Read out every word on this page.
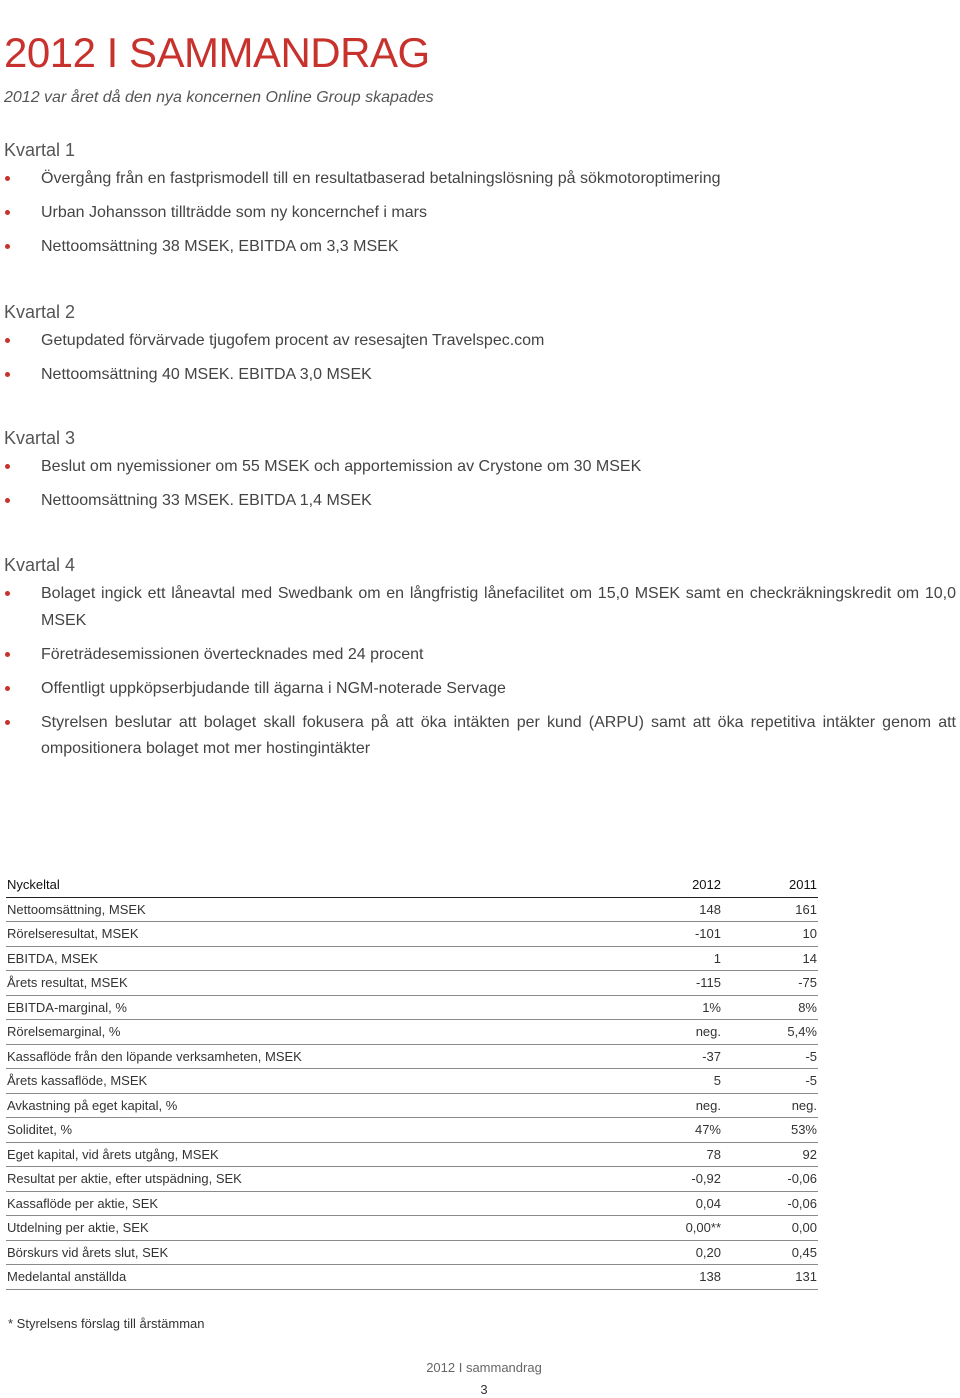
2012 I SAMMANDRAG
2012 var året då den nya koncernen Online Group skapades
Kvartal 1
Övergång från en fastprismodell till en resultatbaserad betalningslösning på sökmotoroptimering
Urban Johansson tillträdde som ny koncernchef i mars
Nettoomsättning 38 MSEK, EBITDA om 3,3 MSEK
Kvartal 2
Getupdated förvärvade tjugofem procent av resesajten Travelspec.com
Nettoomsättning 40 MSEK. EBITDA 3,0 MSEK
Kvartal 3
Beslut om nyemissioner om 55 MSEK och apportemission av Crystone om 30 MSEK
Nettoomsättning 33 MSEK. EBITDA 1,4 MSEK
Kvartal 4
Bolaget ingick ett låneavtal med Swedbank om en långfristig lånefacilitet om 15,0 MSEK samt en checkräkningskredit om 10,0 MSEK
Företrädesemissionen övertecknades med 24 procent
Offentligt uppköpserbjudande till ägarna i NGM-noterade Servage
Styrelsen beslutar att bolaget skall fokusera på att öka intäkten per kund (ARPU) samt att öka repetitiva intäkter genom att ompositionera bolaget mot mer hostingintäkter
Nyckeltal	2012	2011
Nettoomsättning, MSEK	148	161
Rörelseresultat, MSEK	-101	10
EBITDA, MSEK	1	14
Årets resultat, MSEK	-115	-75
EBITDA-marginal, %	1%	8%
Rörelsemarginal, %	neg.	5,4%
Kassaflöde från den löpande verksamheten, MSEK	-37	-5
Årets kassaflöde, MSEK	5	-5
Avkastning på eget kapital, %	neg.	neg.
Soliditet, %	47%	53%
Eget kapital, vid årets utgång, MSEK	78	92
Resultat per aktie, efter utspädning, SEK	-0,92	-0,06
Kassaflöde per aktie, SEK	0,04	-0,06
Utdelning per aktie, SEK	0,00**	0,00
Börskurs vid årets slut, SEK	0,20	0,45
Medelantal anställda	138	131
* Styrelsens förslag till årstämman
2012 I sammandrag
3
